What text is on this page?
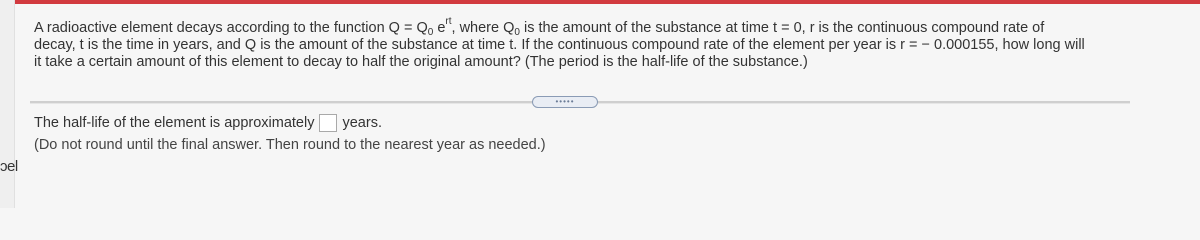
ɔel
A radioactive element decays according to the function $Q = Q_0$ $e^{rt}$, where $Q_0$ is the amount of the substance at time t = 0, r is the continuous compound rate of
decay, t is the time in years, and Q is the amount of the substance at time t. If the continuous compound rate of the element per year is r = − 0.000155, how long will
it take a certain amount of this element to decay to half the original amount? (The period is the half-life of the substance.)
•••••
The half-life of the element is approximately years.
(Do not round until the final answer. Then round to the nearest year as needed.)
